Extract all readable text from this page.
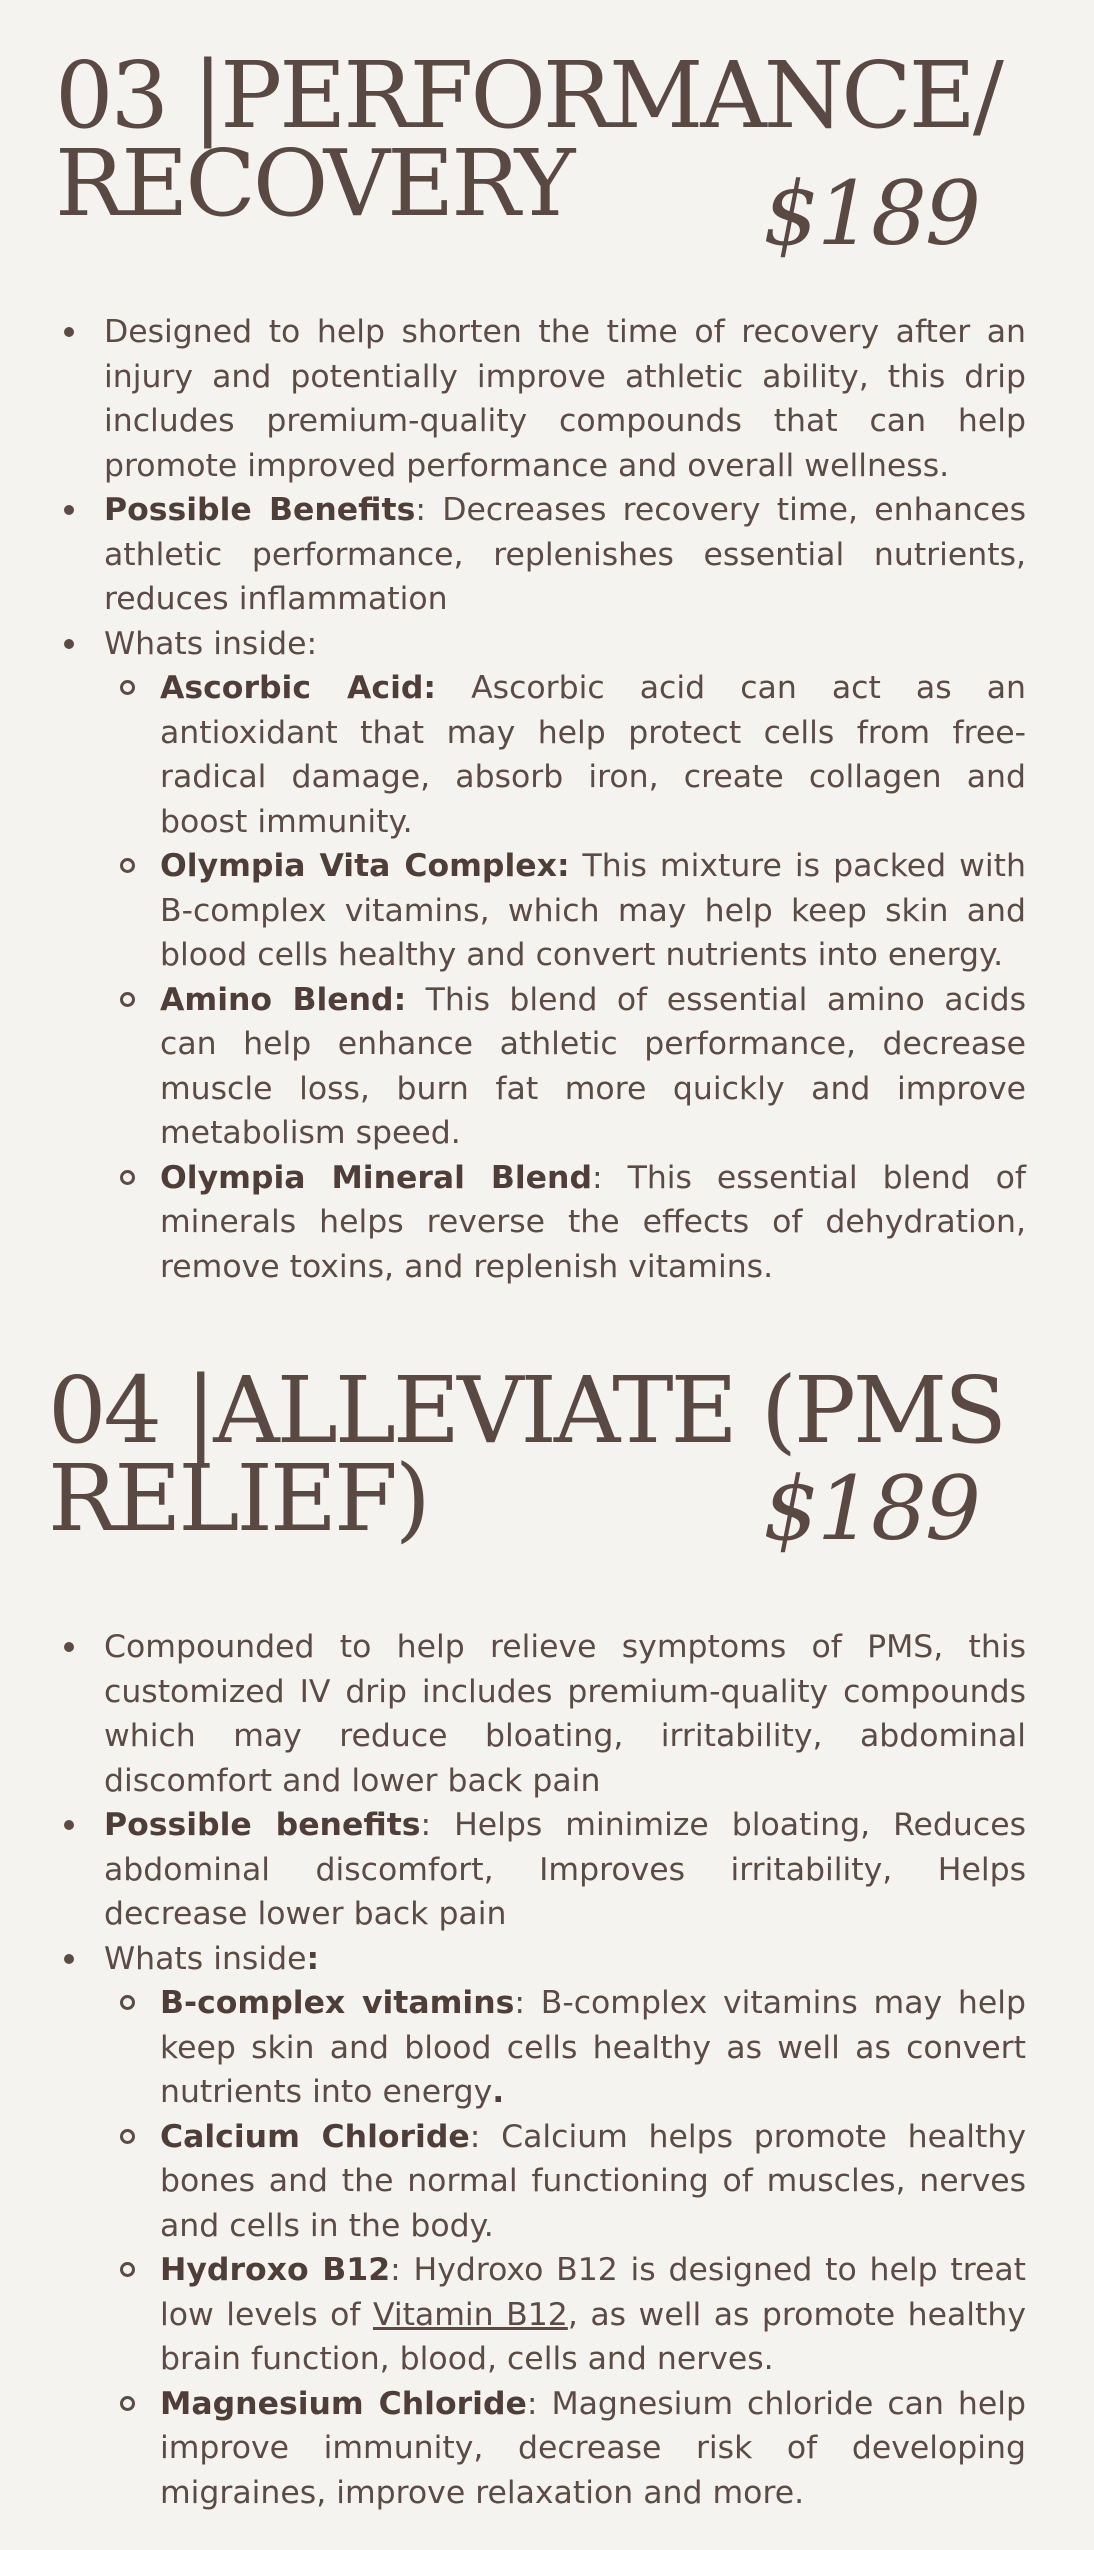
03 |PERFORMANCE/
RECOVERY $189
Designed to help shorten the time of recovery after an injury and potentially improve athletic ability, this drip includes premium-quality compounds that can help promote improved performance and overall wellness.
Possible Benefits: Decreases recovery time, enhances athletic performance, replenishes essential nutrients, reduces inflammation
Whats inside:
Ascorbic Acid: Ascorbic acid can act as an antioxidant that may help protect cells from free-radical damage, absorb iron, create collagen and boost immunity.
Olympia Vita Complex: This mixture is packed with B-complex vitamins, which may help keep skin and blood cells healthy and convert nutrients into energy.
Amino Blend: This blend of essential amino acids can help enhance athletic performance, decrease muscle loss, burn fat more quickly and improve metabolism speed.
Olympia Mineral Blend: This essential blend of minerals helps reverse the effects of dehydration, remove toxins, and replenish vitamins.
04 |ALLEVIATE (PMS
RELIEF)	$189
Compounded to help relieve symptoms of PMS, this customized IV drip includes premium-quality compounds which may reduce bloating, irritability, abdominal discomfort and lower back pain
Possible benefits: Helps minimize bloating, Reduces abdominal discomfort, Improves irritability, Helps decrease lower back pain
Whats inside:
B-complex vitamins: B-complex vitamins may help keep skin and blood cells healthy as well as convert nutrients into energy.
Calcium Chloride: Calcium helps promote healthy bones and the normal functioning of muscles, nerves and cells in the body.
Hydroxo B12: Hydroxo B12 is designed to help treat low levels of Vitamin B12, as well as promote healthy brain function, blood, cells and nerves.
Magnesium Chloride: Magnesium chloride can help improve immunity, decrease risk of developing migraines, improve relaxation and more.
